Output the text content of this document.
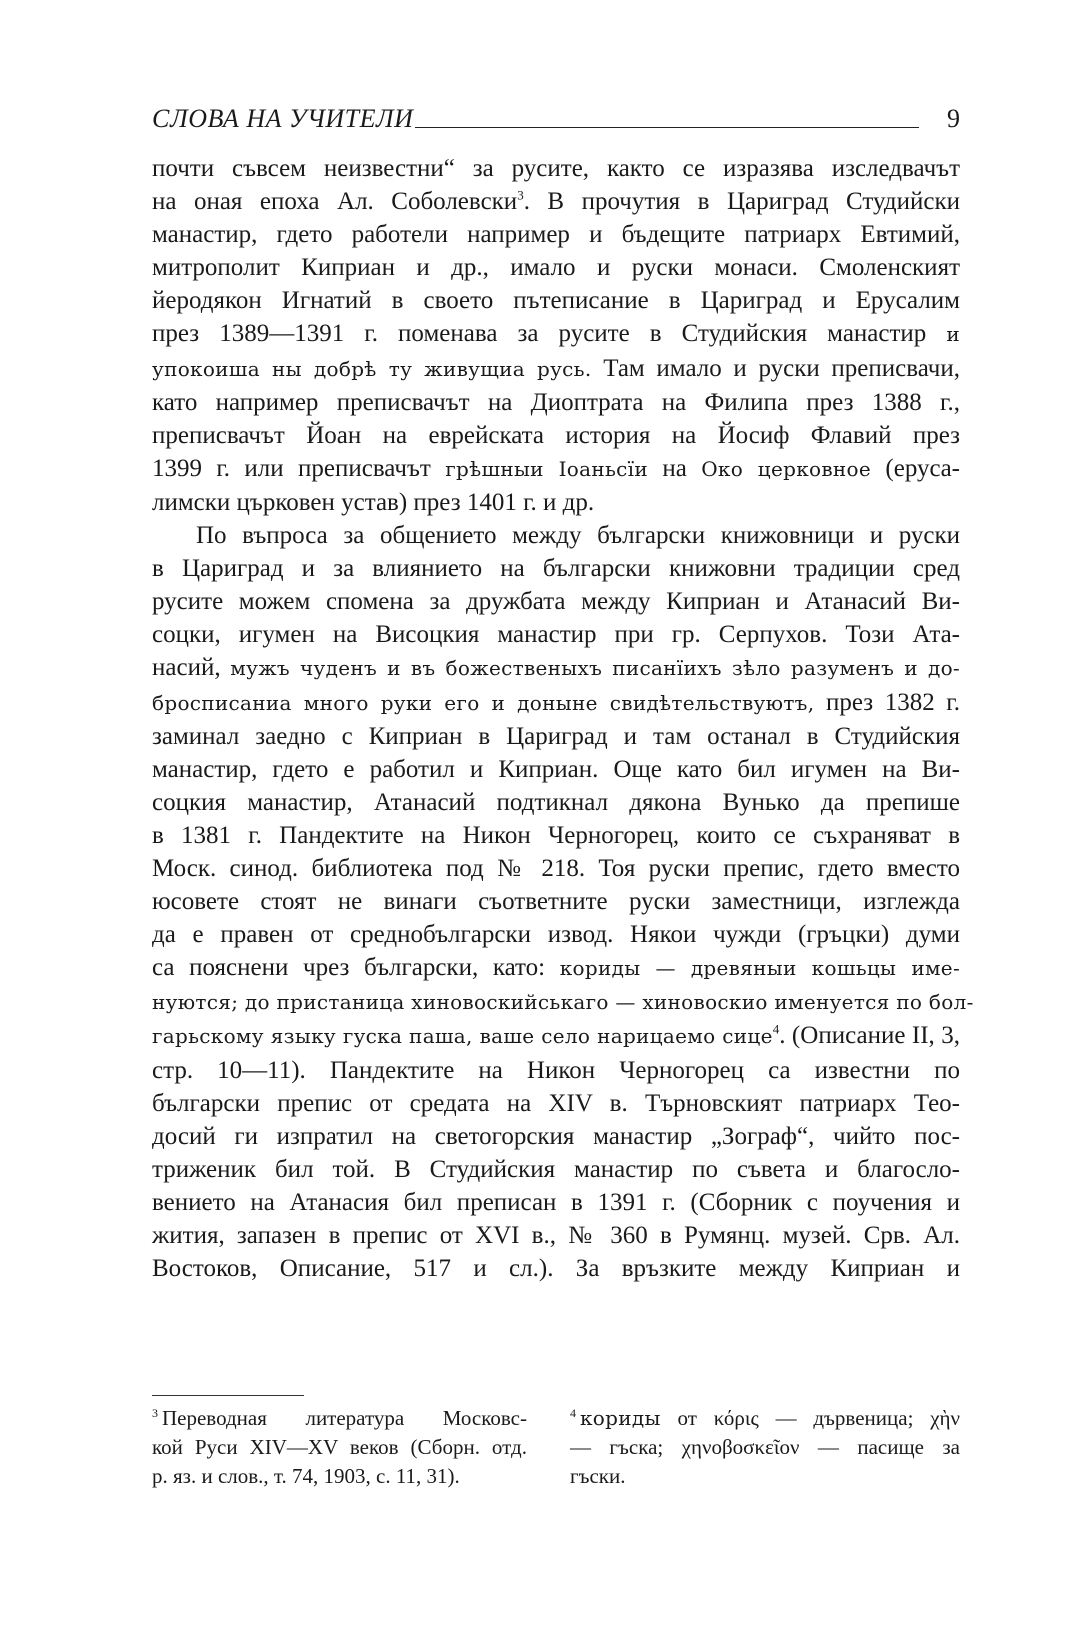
СЛОВА НА УЧИТЕЛИ	9

почти съвсем неизвестни“ за русите, както се изразява изследвачът
на оная епоха Ал. Соболевски$^3$. В прочутия в Цариград Студийски
манастир, гдето работели например и бъдещите патриарх Евтимий,
митрополит Киприан и др., имало и руски монаси. Смоленският
йеродякон Игнатий в своето пътеписание в Цариград и Ерусалим
през 1389—1391 г. поменава за русите в Студийския манастир и
упокоиша ны добрѣ ту живущиа русь. Там имало и руски преписвачи,
като например преписвачът на Диоптрата на Филипа през 1388 г.,
преписвачът Йоан на еврейската история на Йосиф Флавий през
1399 г. или преписвачът грѣшныи Іоаньсїи на Око церковное (ерусa-
лимски църковен устав) през 1401 г. и др.

По въпроса за общението между български книжовници и руски
в Цариград и за влиянието на български книжовни традиции сред
русите можем спомена за дружбата между Киприан и Атанасий Ви-
соцки, игумен на Висоцкия манастир при гр. Серпухов. Този Ата-
насий, мужъ чуденъ и въ божественыхъ писанїихъ зѣло разуменъ и до-
бросписаниа много руки его и доныне свидѣтельствуютъ, през 1382 г.
заминал заедно с Киприан в Цариград и там останал в Студийския
манастир, гдето е работил и Киприан. Още като бил игумен на Ви-
соцкия манастир, Атанасий подтикнал дякона Вунько да препише
в 1381 г. Пандектите на Никон Черногорец, които се съхраняват в
Моск. синод. библиотека под № 218. Тоя руски препис, гдето вместо
юсовете стоят не винаги съответните руски заместници, изглежда
да е правен от среднобългарски извод. Някои чужди (гръцки) думи
са пояснени чрез български, като: кориды — древяныи кошьцы име-
нуются; до пристаница хиновоскийськаго — хиновоскио именуется по бол-
гарьскому языку гуска паша, ваше село нарицаемо сице$^4$. (Описание II, 3,
стр. 10—11). Пандектите на Никон Черногорец са известни по
български препис от средата на XIV в. Търновският патриарх Тео-
досий ги изпратил на светогорския манастир „Зограф“, чийто пос-
триженик бил той. В Студийския манастир по съвета и благосло-
вението на Атанасия бил преписан в 1391 г. (Сборник с поучения и
жития, запазен в препис от XVI в., № 360 в Румянц. музей. Срв. Ал.
Востоков, Описание, 517 и сл.). За връзките между Киприан и

$^3$ Переводная литература Московс-
кой Руси XIV—XV веков (Сборн. отд.
р. яз. и слов., т. 74, 1903, с. 11, 31).
$^4$ кориды от κόρις — дървеница; χὴν
— гъска; χηνοβοσκεῖον — пасище за
гъски.
